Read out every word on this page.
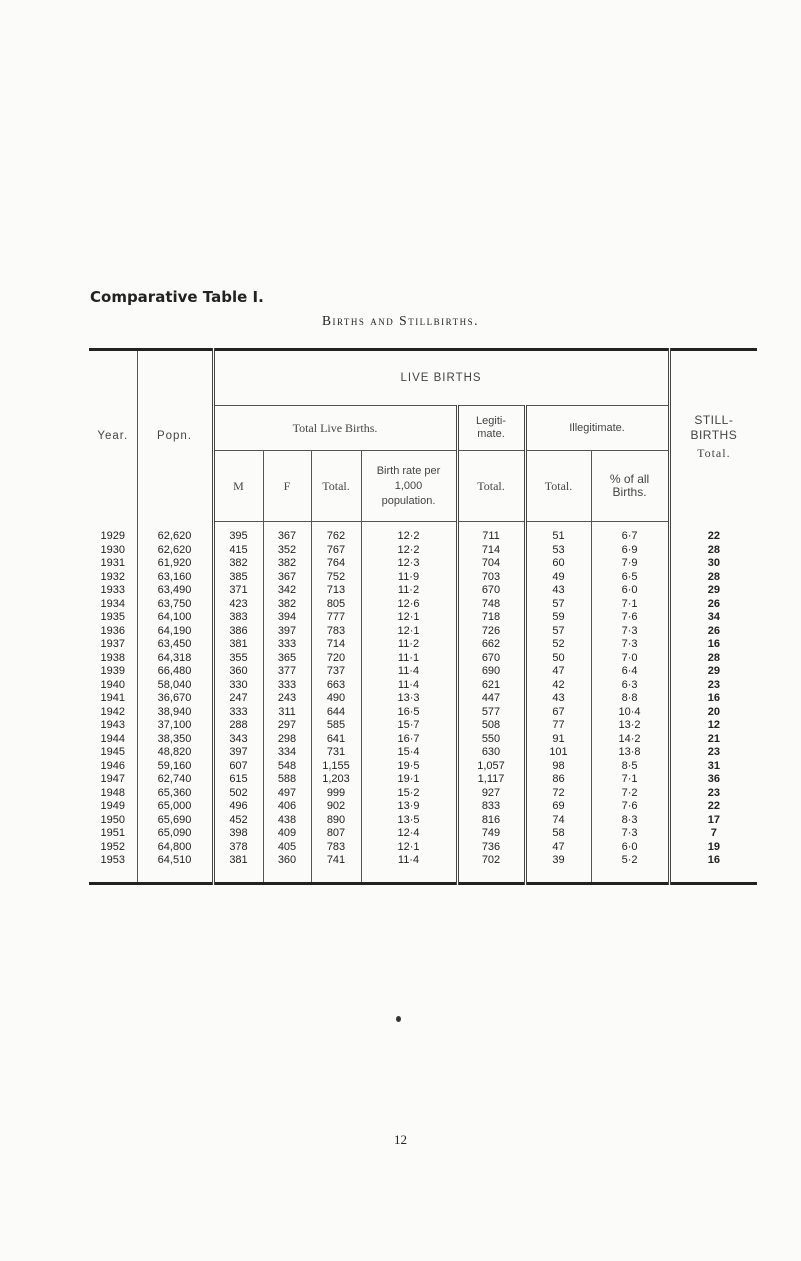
Comparative Table I.
Births and Stillbirths.
Year.	Popn.	LIVE BIRTHS							STILL-BIRTHS
Total.

		Total Live Births.				Legiti-mate.	Illegitimate.		
		M	F	Total.	Birth rate per 1,000 population.	Total.	Total.	% of all Births.	

1929	62,620	395	367	762	12·2	711	51	6·7	22
1930	62,620	415	352	767	12·2	714	53	6·9	28
1931	61,920	382	382	764	12·3	704	60	7·9	30
1932	63,160	385	367	752	11·9	703	49	6·5	28
1933	63,490	371	342	713	11·2	670	43	6·0	29
1934	63,750	423	382	805	12·6	748	57	7·1	26
1935	64,100	383	394	777	12·1	718	59	7·6	34
1936	64,190	386	397	783	12·1	726	57	7·3	26
1937	63,450	381	333	714	11·2	662	52	7·3	16
1938	64,318	355	365	720	11·1	670	50	7·0	28
1939	66,480	360	377	737	11·4	690	47	6·4	29
1940	58,040	330	333	663	11·4	621	42	6·3	23
1941	36,670	247	243	490	13·3	447	43	8·8	16
1942	38,940	333	311	644	16·5	577	67	10·4	20
1943	37,100	288	297	585	15·7	508	77	13·2	12
1944	38,350	343	298	641	16·7	550	91	14·2	21
1945	48,820	397	334	731	15·4	630	101	13·8	23
1946	59,160	607	548	1,155	19·5	1,057	98	8·5	31
1947	62,740	615	588	1,203	19·1	1,117	86	7·1	36
1948	65,360	502	497	999	15·2	927	72	7·2	23
1949	65,000	496	406	902	13·9	833	69	7·6	22
1950	65,690	452	438	890	13·5	816	74	8·3	17
1951	65,090	398	409	807	12·4	749	58	7·3	7
1952	64,800	378	405	783	12·1	736	47	6·0	19
1953	64,510	381	360	741	11·4	702	39	5·2	16
12
